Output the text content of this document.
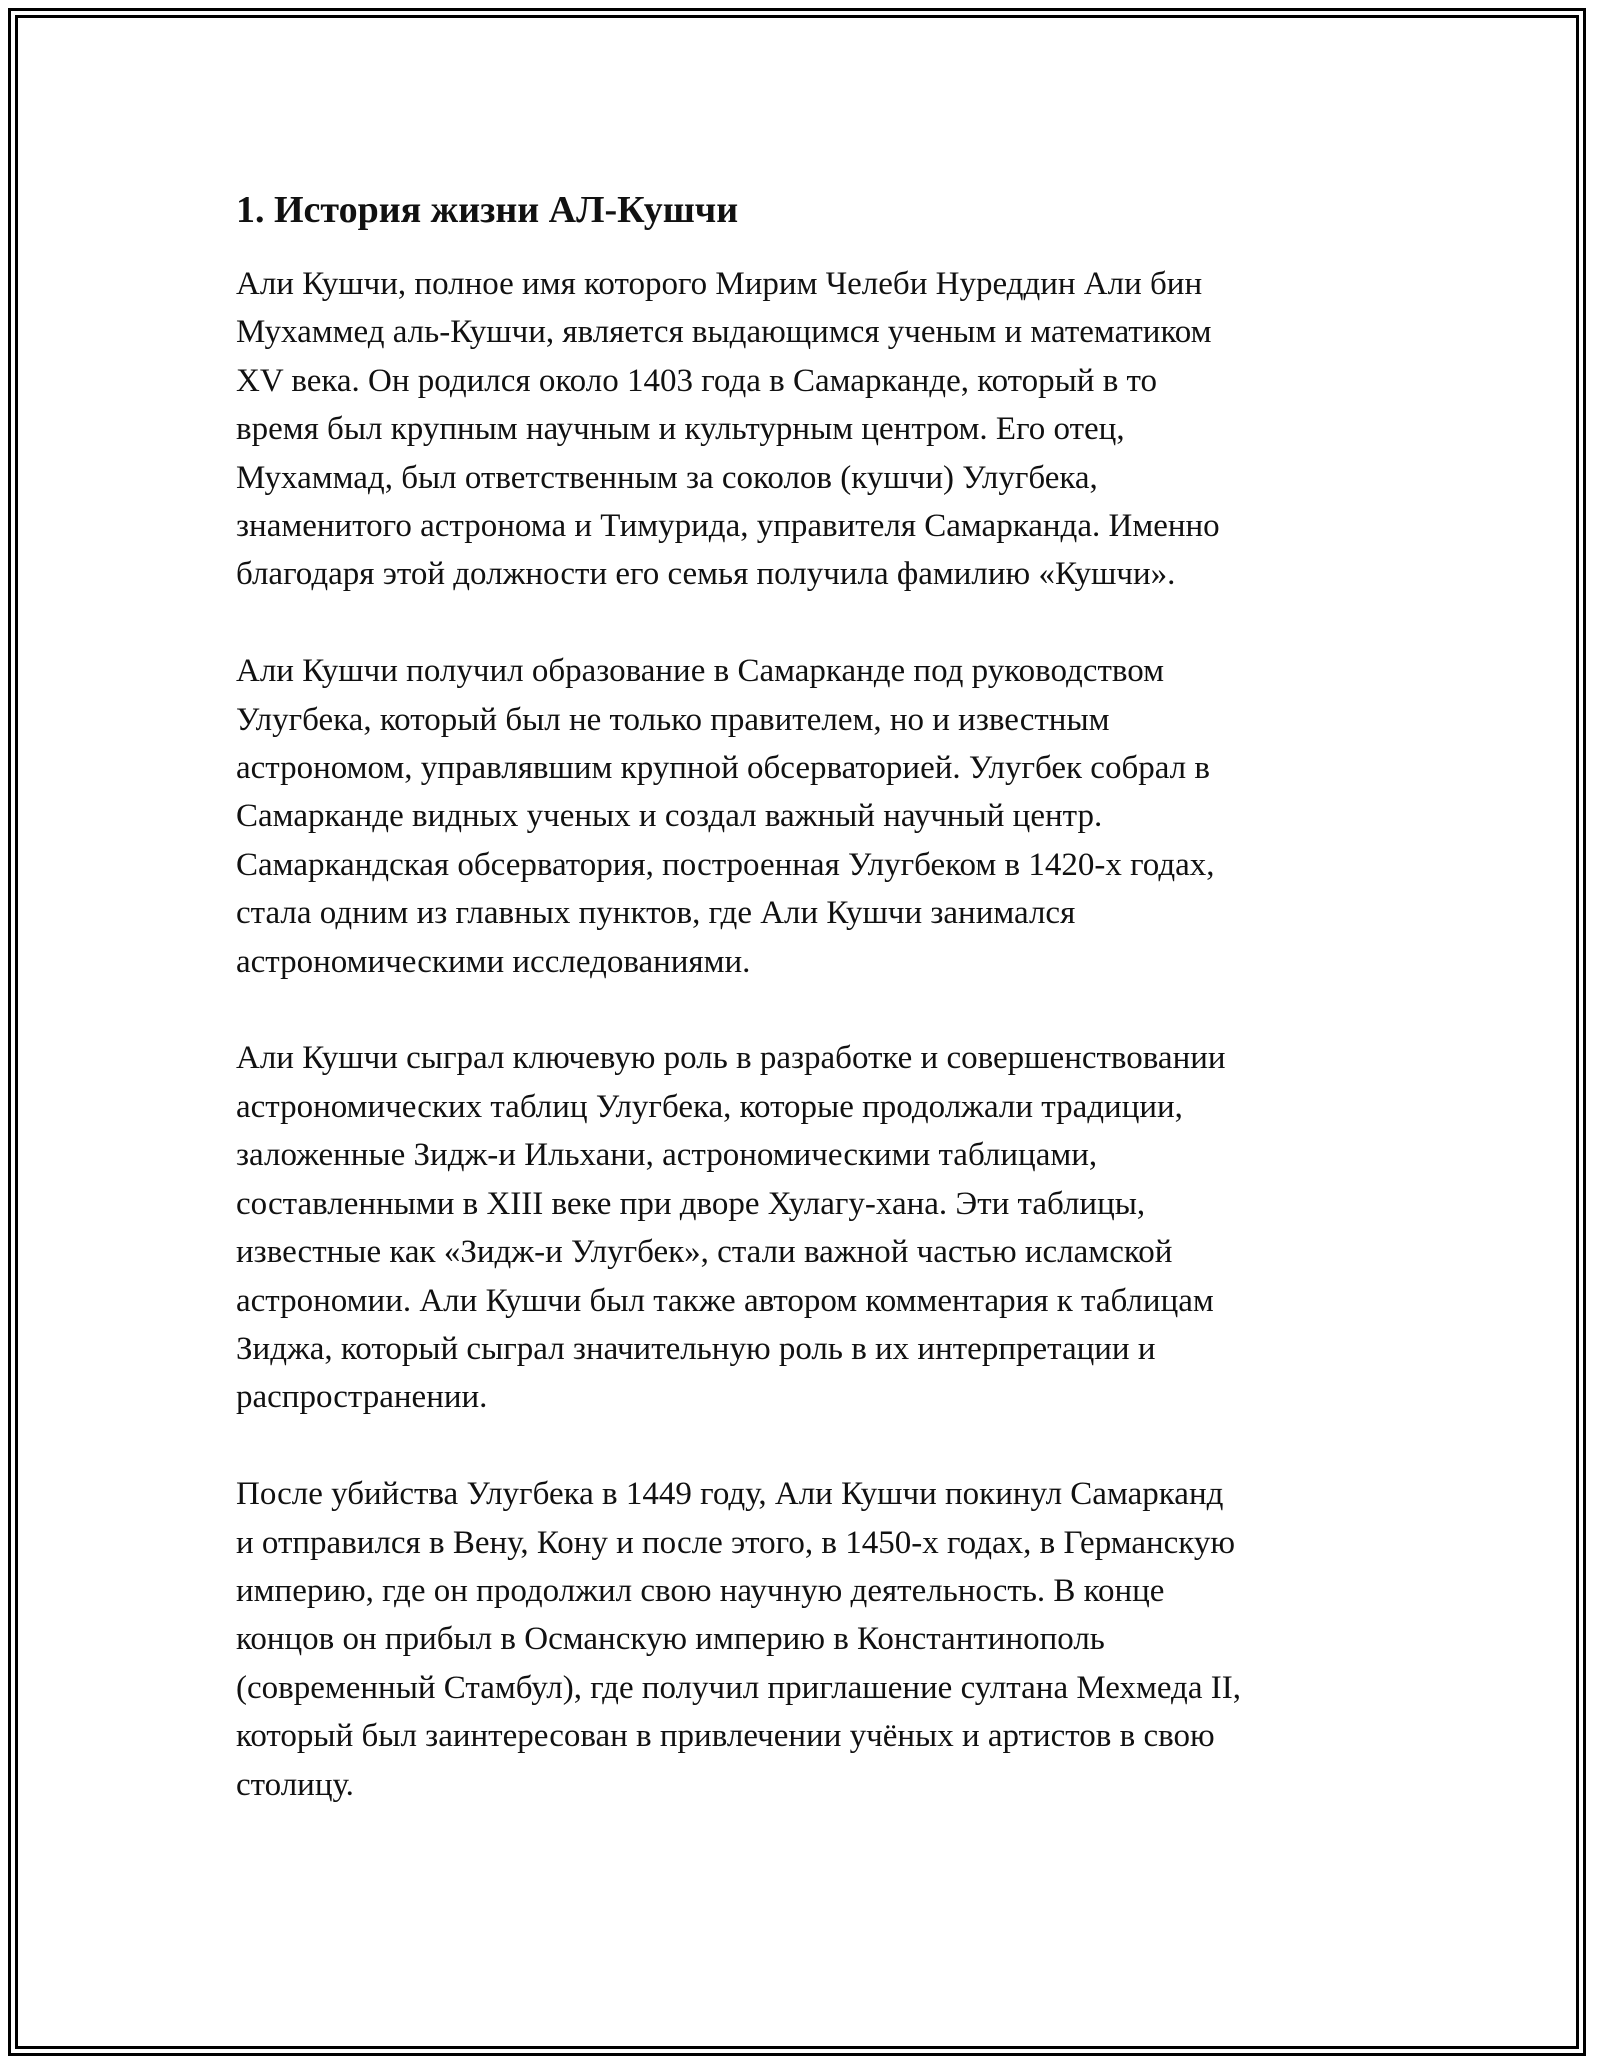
1. История жизни АЛ-Кушчи

Али Кушчи, полное имя которого Мирим Челеби Нуреддин Али бин
Мухаммед аль-Кушчи, является выдающимся ученым и математиком
XV века. Он родился около 1403 года в Самарканде, который в то
время был крупным научным и культурным центром. Его отец,
Мухаммад, был ответственным за соколов (кушчи) Улугбека,
знаменитого астронома и Тимурида, управителя Самарканда. Именно
благодаря этой должности его семья получила фамилию «Кушчи».

Али Кушчи получил образование в Самарканде под руководством
Улугбека, который был не только правителем, но и известным
астрономом, управлявшим крупной обсерваторией. Улугбек собрал в
Самарканде видных ученых и создал важный научный центр.
Самаркандская обсерватория, построенная Улугбеком в 1420-х годах,
стала одним из главных пунктов, где Али Кушчи занимался
астрономическими исследованиями.

Али Кушчи сыграл ключевую роль в разработке и совершенствовании
астрономических таблиц Улугбека, которые продолжали традиции,
заложенные Зидж-и Ильхани, астрономическими таблицами,
составленными в XIII веке при дворе Хулагу-хана. Эти таблицы,
известные как «Зидж-и Улугбек», стали важной частью исламской
астрономии. Али Кушчи был также автором комментария к таблицам
Зиджа, который сыграл значительную роль в их интерпретации и
распространении.

После убийства Улугбека в 1449 году, Али Кушчи покинул Самарканд
и отправился в Вену, Кону и после этого, в 1450-х годах, в Германскую
империю, где он продолжил свою научную деятельность. В конце
концов он прибыл в Османскую империю в Константинополь
(современный Стамбул), где получил приглашение султана Мехмеда II,
который был заинтересован в привлечении учёных и артистов в свою
столицу.
